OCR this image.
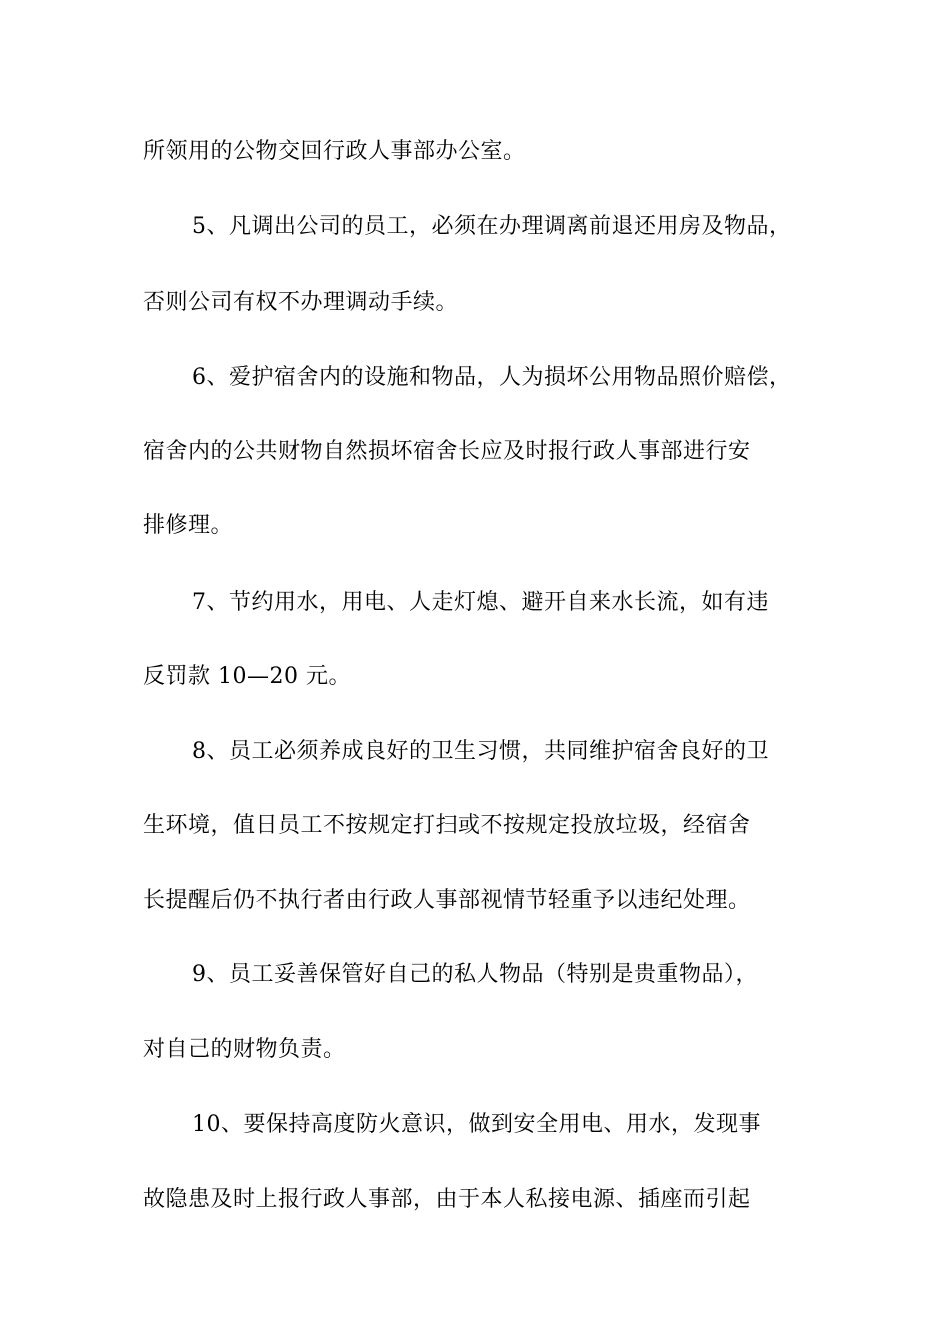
所领用的公物交回行政人事部办公室。
5、凡调出公司的员工，必须在办理调离前退还用房及物品，
否则公司有权不办理调动手续。
6、爱护宿舍内的设施和物品，人为损坏公用物品照价赔偿，
宿舍内的公共财物自然损坏宿舍长应及时报行政人事部进行安
排修理。
7、节约用水，用电、人走灯熄、避开自来水长流，如有违
反罚款 10—20 元。
8、员工必须养成良好的卫生习惯，共同维护宿舍良好的卫
生环境，值日员工不按规定打扫或不按规定投放垃圾，经宿舍
长提醒后仍不执行者由行政人事部视情节轻重予以违纪处理。
9、员工妥善保管好自己的私人物品（特别是贵重物品），
对自己的财物负责。
10、要保持高度防火意识，做到安全用电、用水，发现事
故隐患及时上报行政人事部，由于本人私接电源、插座而引起
